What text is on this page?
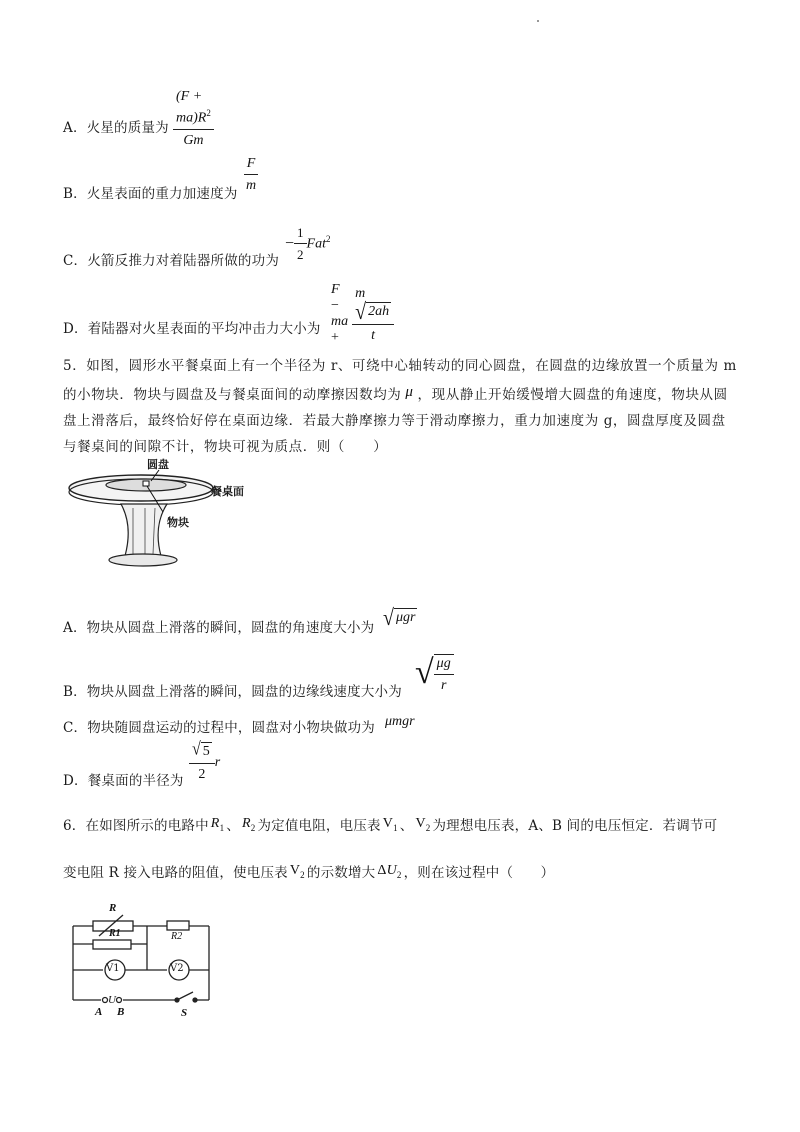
A．火星的质量为 $\frac{(F + ma)R^2}{Gm}$
B．火星表面的重力加速度为 $\frac{F}{m}$
C．火箭反推力对着陆器所做的功为
− $\frac{1}{2} Fat^2$
D．着陆器对火星表面的平均冲击力大小为
F − ma + m
√ 2ah
t
5．如图，圆形水平餐桌面上有一个半径为 r、可绕中心轴转动的同心圆盘，在圆盘的边缘放置一个质量为 m
的小物块．物块与圆盘及与餐桌面间的动摩擦因数均为 μ ，现从静止开始缓慢增大圆盘的角速度，物块从圆
盘上滑落后，最终恰好停在桌面边缘．若最大静摩擦力等于滑动摩擦力，重力加速度为 g，圆盘厚度及圆盘
与餐桌间的间隙不计，物块可视为质点．则（　　）
圆盘
餐桌面
物块
A．物块从圆盘上滑落的瞬间，圆盘的角速度大小为 √ μgr
B．物块从圆盘上滑落的瞬间，圆盘的边缘线速度大小为
√ $\frac{\mu g}{r}$
C．物块随圆盘运动的过程中，圆盘对小物块做功为 μmgr
D．餐桌面的半径为 $\frac{√ 5}{2}$ r
6．在如图所示的电路中 $R_1$ 、 $R_2$ 为定值电阻，电压表 $V_1$ 、 $V_2$ 为理想电压表，A、B 间的电压恒定．若调节可
变电阻 R 接入电路的阻值，使电压表 $V_2$ 的示数增大 $\Delta U_2$ ，则在该过程中（　　）
R
R1	R2
V1	V2
U
A B	S
